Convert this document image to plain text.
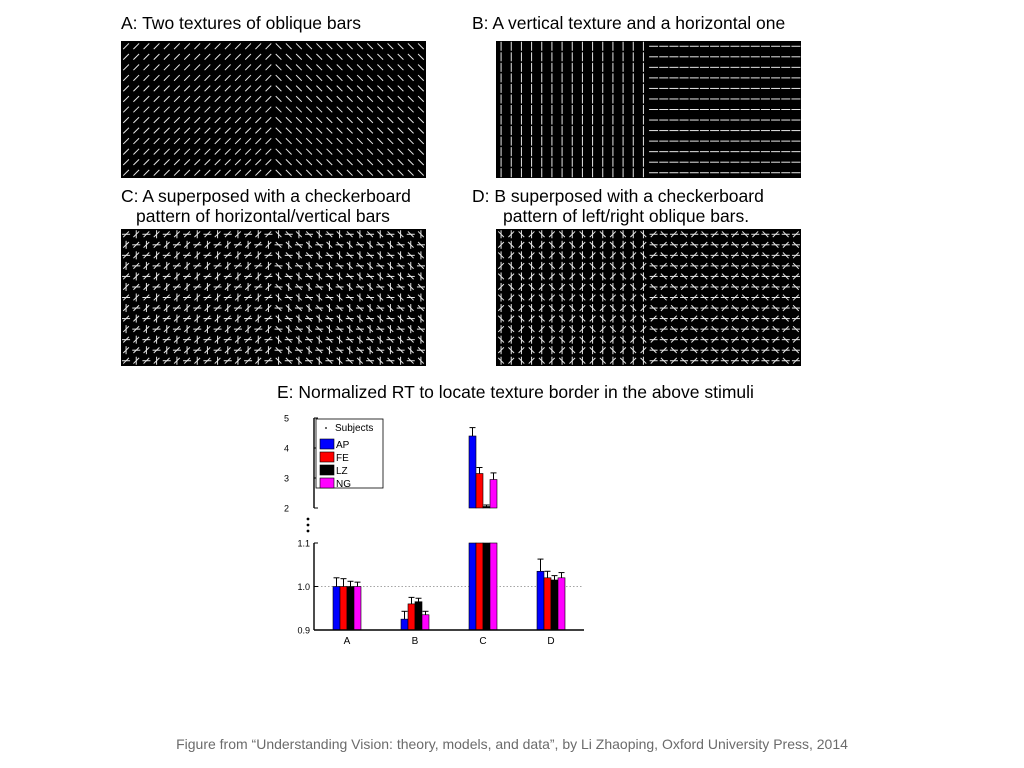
A: Two textures of oblique bars	B: A vertical texture and a horizontal one
C: A superposed with a checkerboard
pattern of horizontal/vertical bars
D: B superposed with a checkerboard
pattern of left/right oblique bars.
E: Normalized RT to locate texture border in the above stimuli
0.9
1.0
1.1
2
3
4
5
A	B	C	D
Subjects
AP
FE
LZ
NG
Figure from “Understanding Vision: theory, models, and data”, by Li Zhaoping, Oxford University Press, 2014
